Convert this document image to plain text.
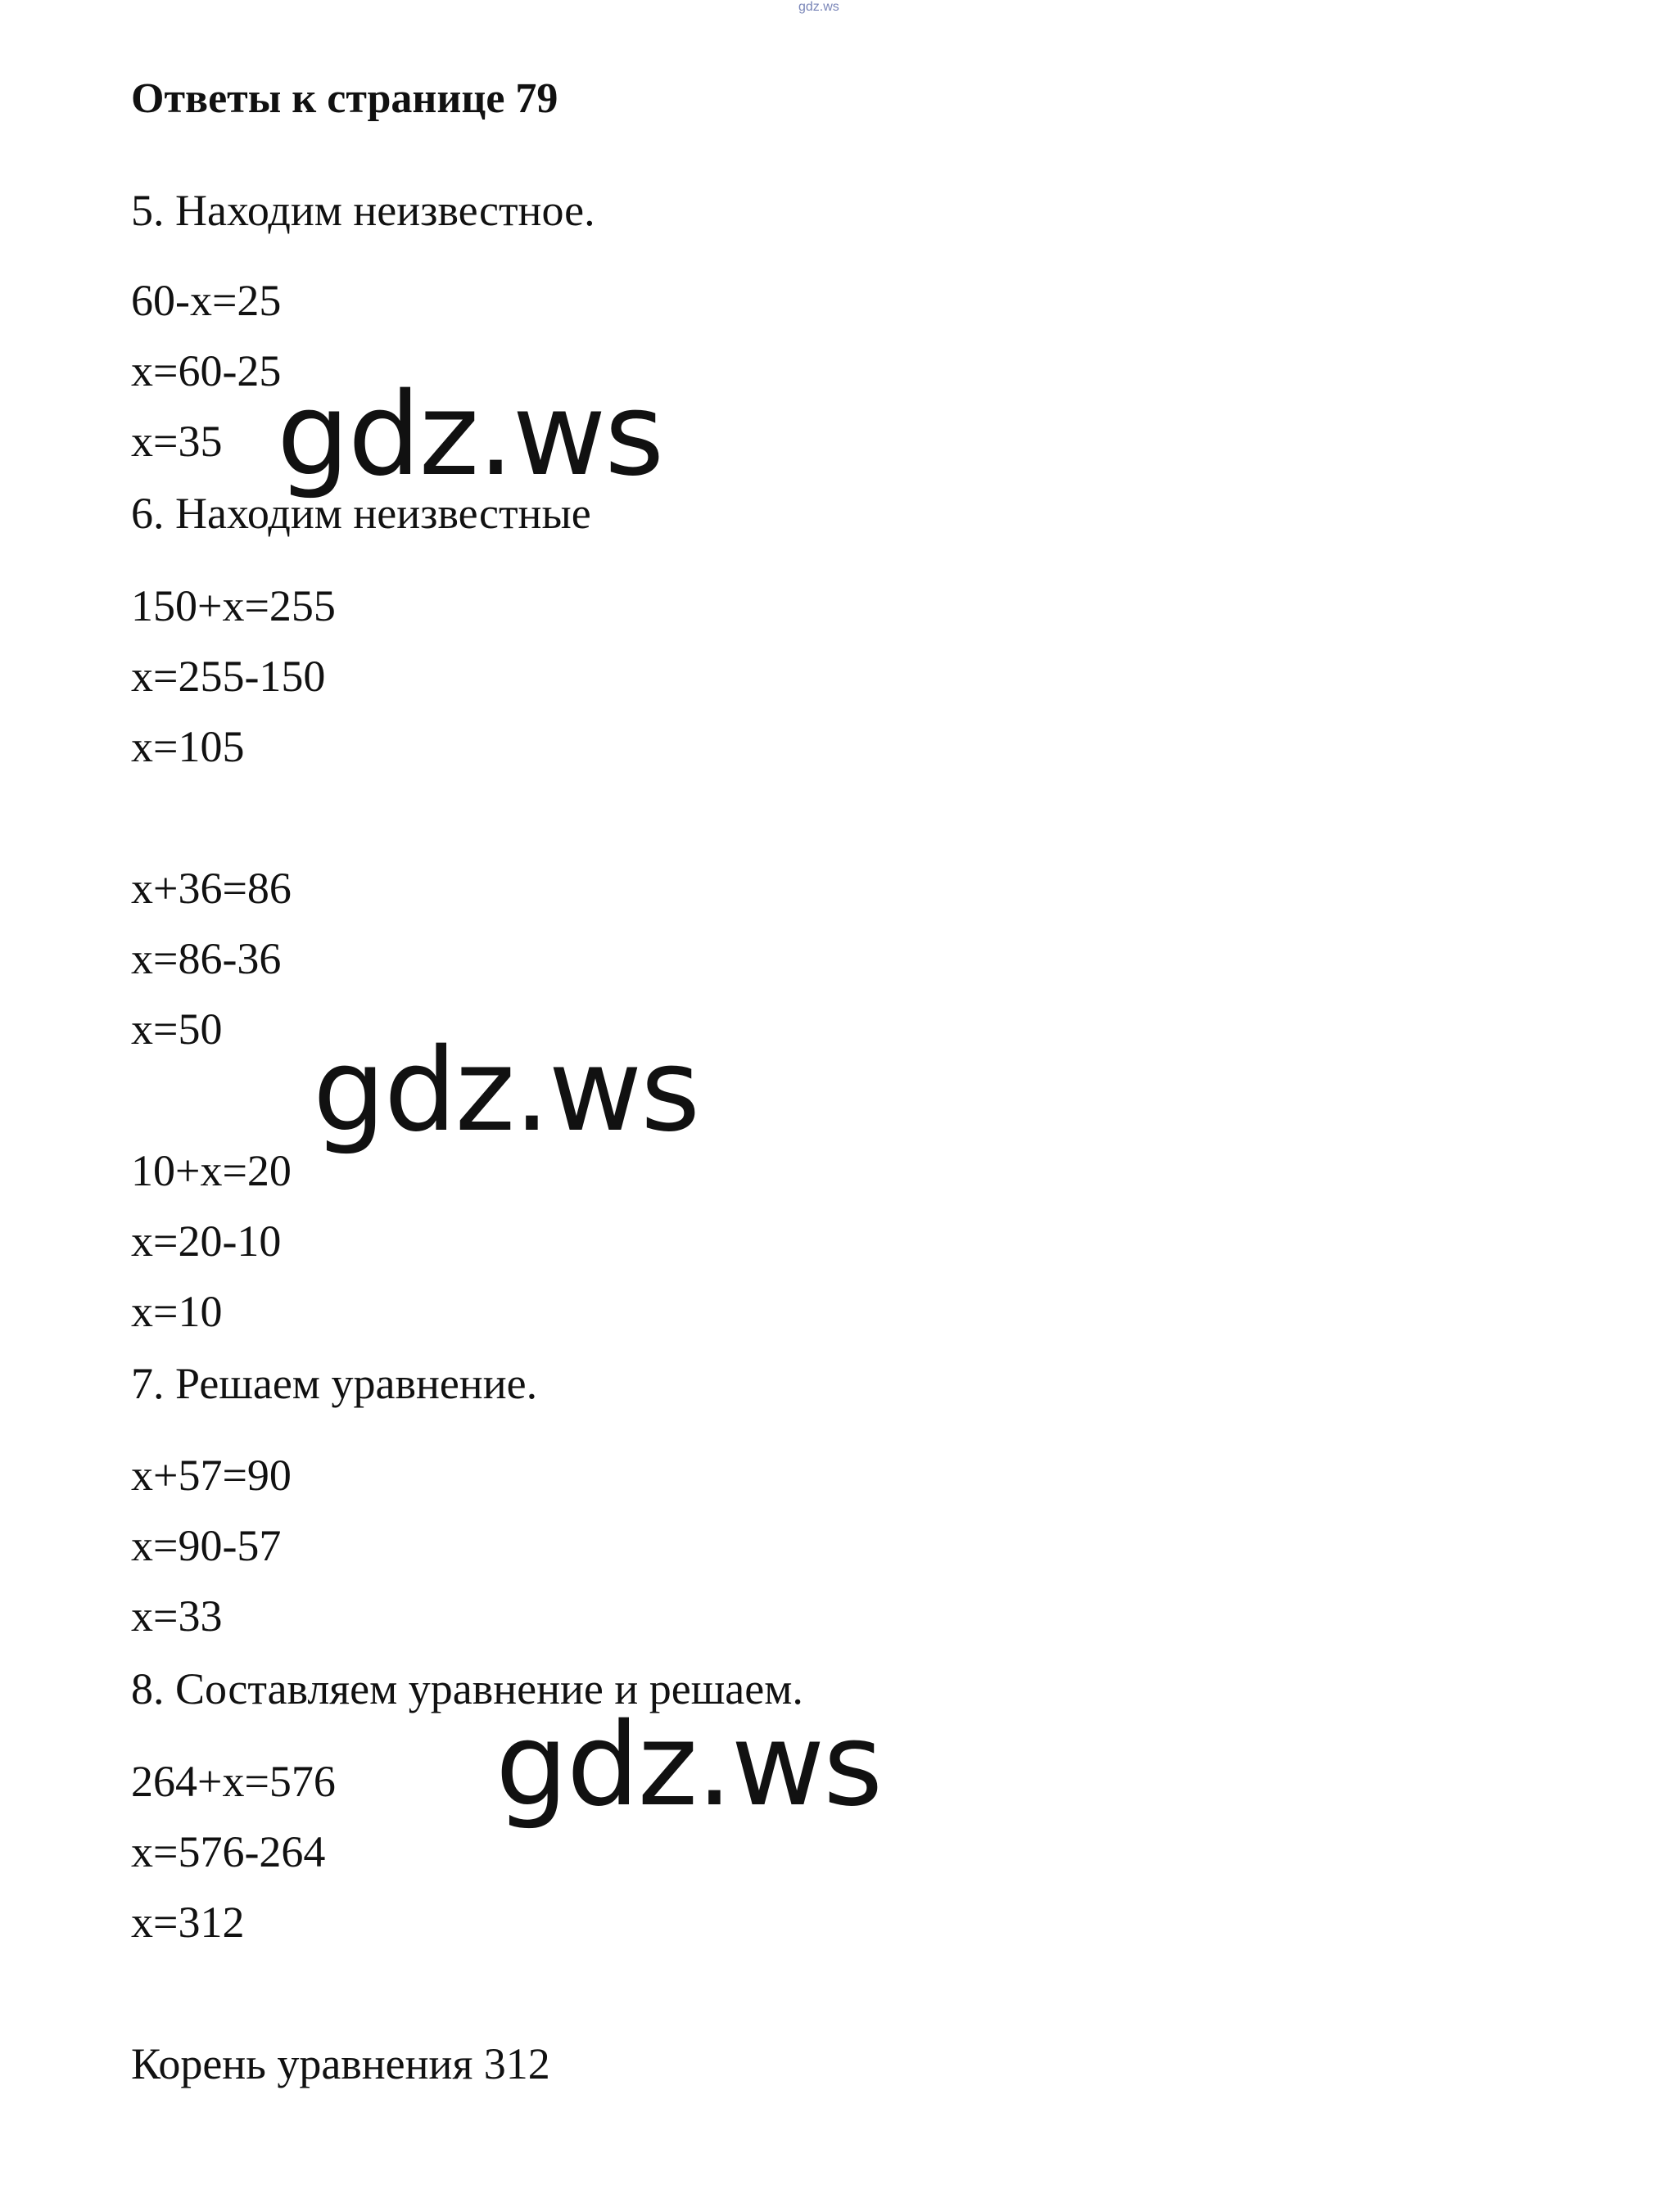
gdz.ws
Ответы к странице 79
5. Находим неизвестное.
60-x=25
x=60-25
x=35
6. Находим неизвестные
150+x=255
x=255-150
x=105
x+36=86
x=86-36
x=50
10+x=20
x=20-10
x=10
7. Решаем уравнение.
x+57=90
x=90-57
x=33
8. Составляем уравнение и решаем.
264+x=576
x=576-264
x=312
Корень уравнения 312
gdz.ws
gdz.ws
gdz.ws
